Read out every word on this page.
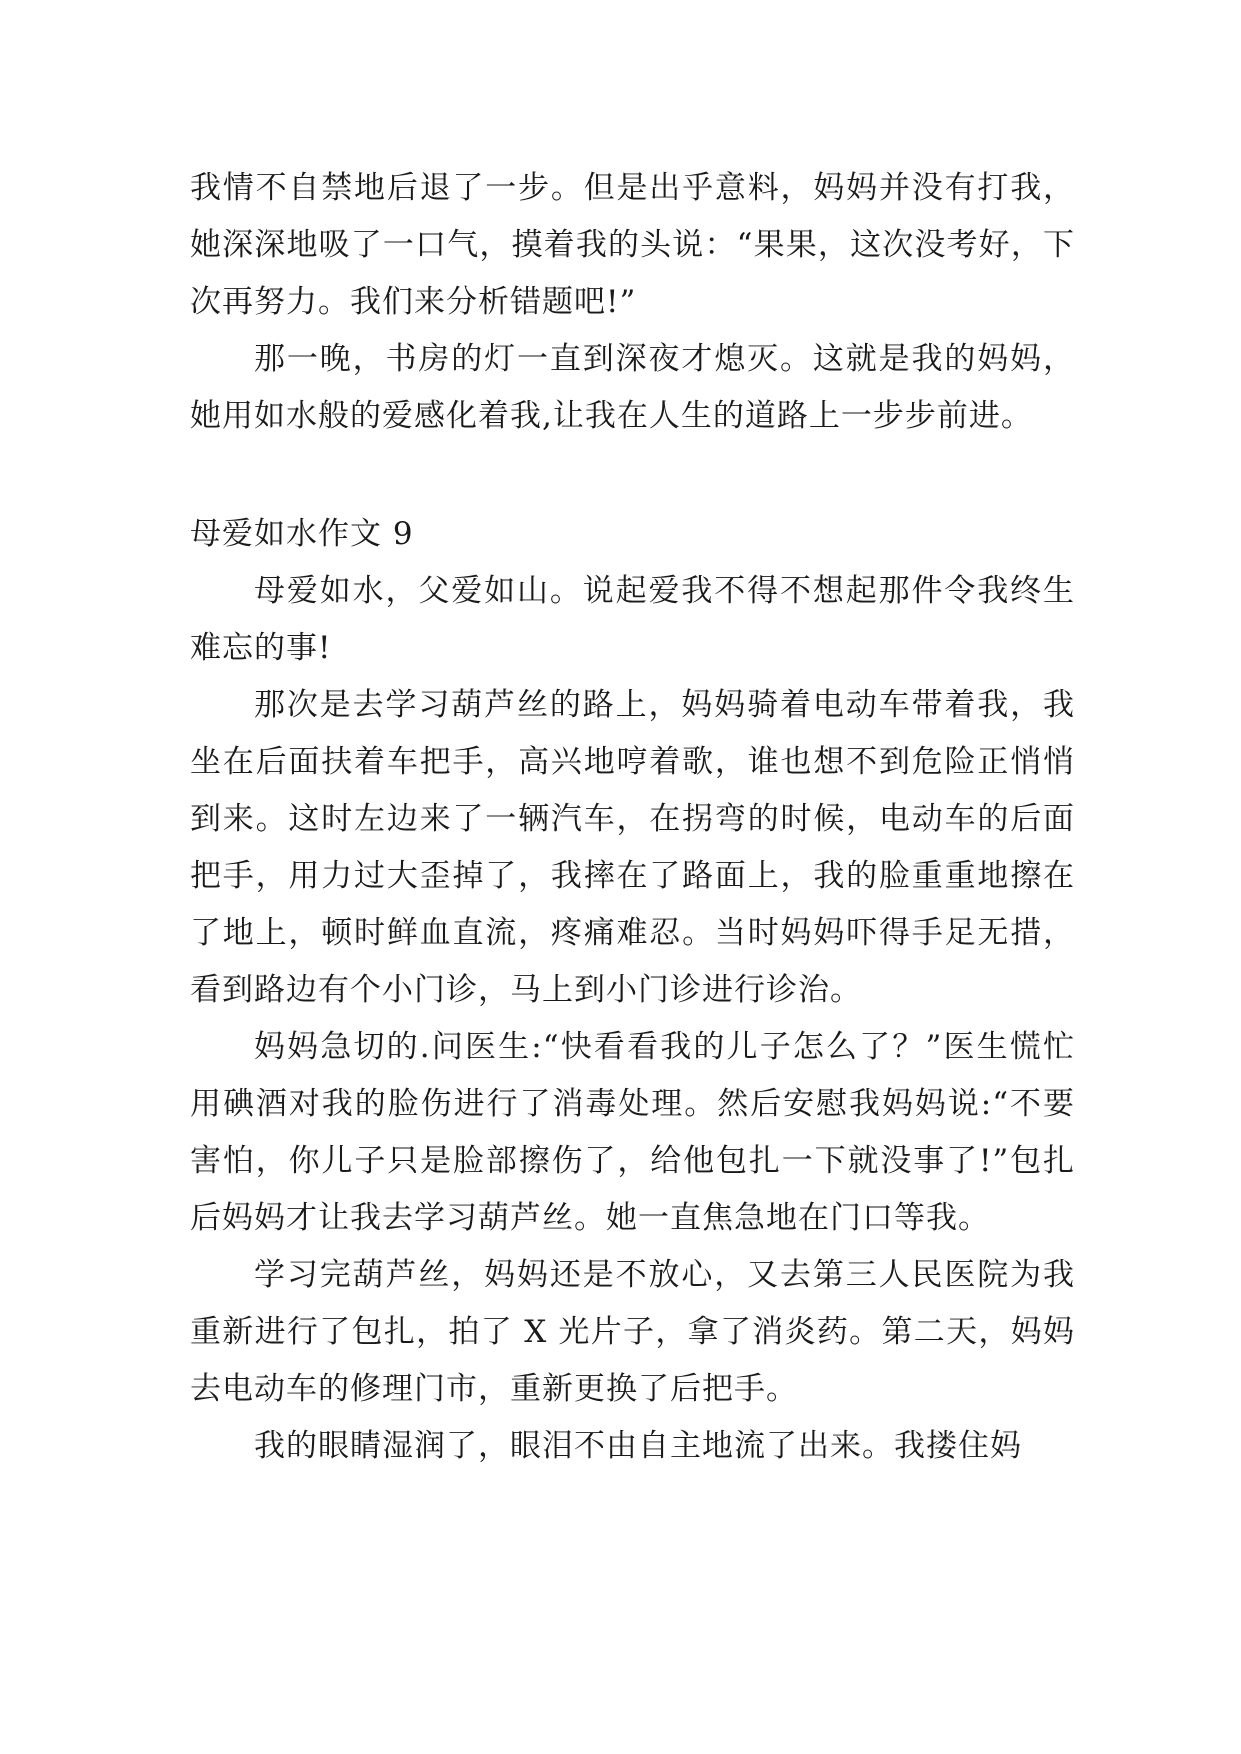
我情不自禁地后退了一步。但是出乎意料，妈妈并没有打我，她深深地吸了一口气，摸着我的头说：“果果，这次没考好，下次再努力。我们来分析错题吧!”

那一晚，书房的灯一直到深夜才熄灭。这就是我的妈妈，她用如水般的爱感化着我,让我在人生的道路上一步步前进。

母爱如水作文 9

母爱如水，父爱如山。说起爱我不得不想起那件令我终生难忘的事!

那次是去学习葫芦丝的路上，妈妈骑着电动车带着我，我坐在后面扶着车把手，高兴地哼着歌，谁也想不到危险正悄悄到来。这时左边来了一辆汽车，在拐弯的时候，电动车的后面把手，用力过大歪掉了，我摔在了路面上，我的脸重重地擦在了地上，顿时鲜血直流，疼痛难忍。当时妈妈吓得手足无措，看到路边有个小门诊，马上到小门诊进行诊治。

妈妈急切的.问医生:“快看看我的儿子怎么了？”医生慌忙用碘酒对我的脸伤进行了消毒处理。然后安慰我妈妈说:“不要害怕，你儿子只是脸部擦伤了，给他包扎一下就没事了!”包扎后妈妈才让我去学习葫芦丝。她一直焦急地在门口等我。

学习完葫芦丝，妈妈还是不放心，又去第三人民医院为我重新进行了包扎，拍了 X 光片子，拿了消炎药。第二天，妈妈去电动车的修理门市，重新更换了后把手。

我的眼睛湿润了，眼泪不由自主地流了出来。我搂住妈
